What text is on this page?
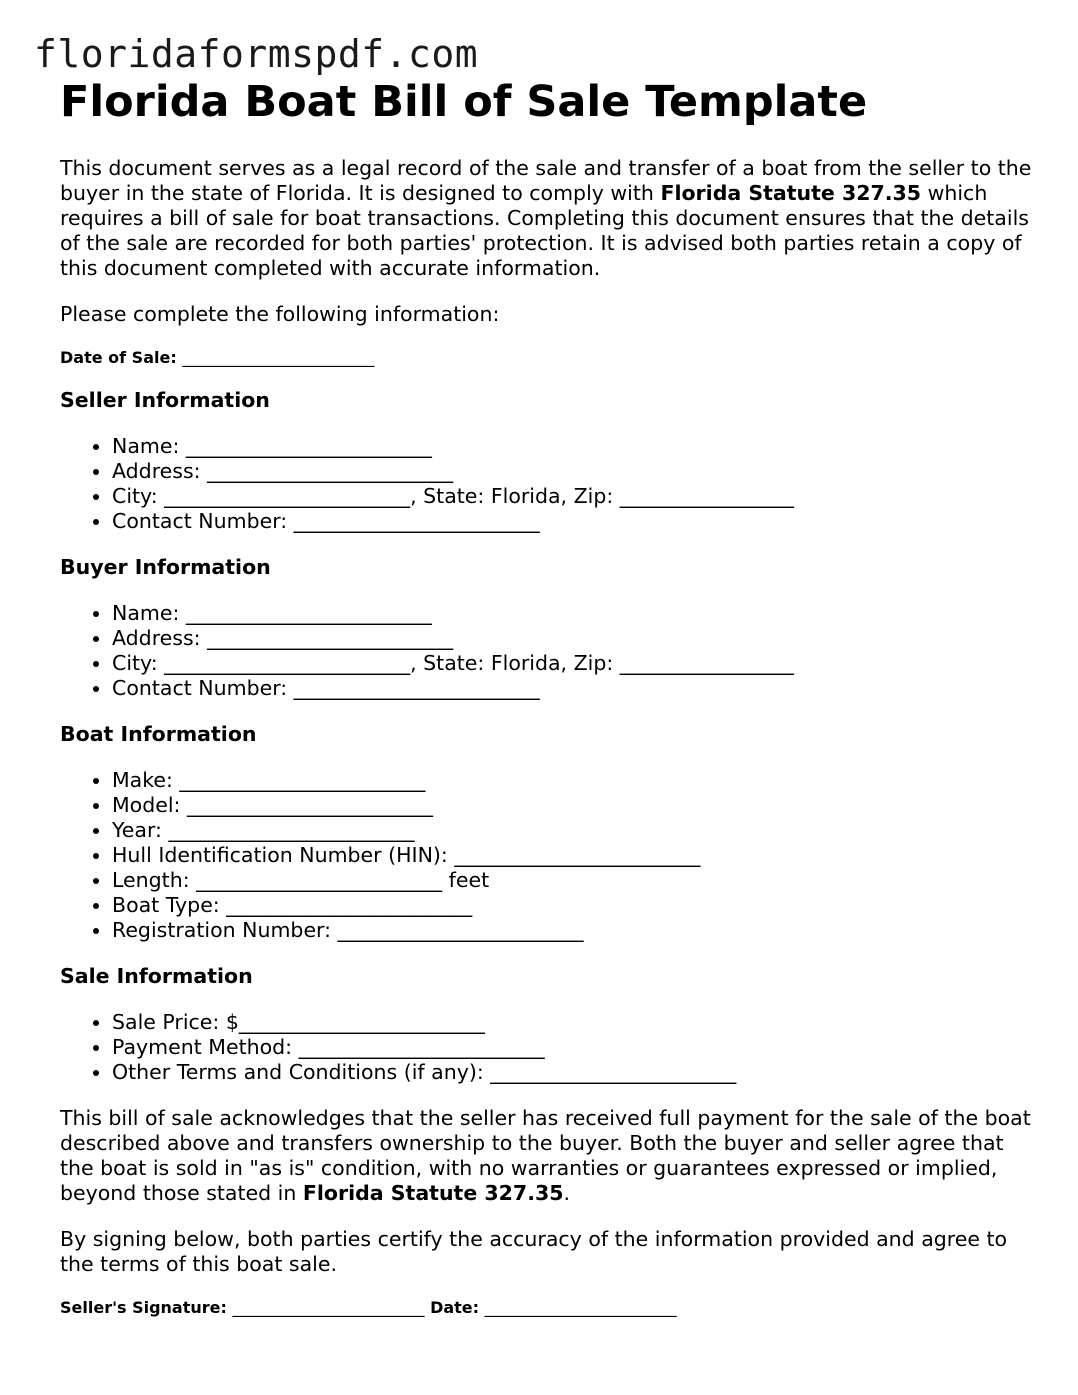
floridaformspdf.com
Florida Boat Bill of Sale Template

This document serves as a legal record of the sale and transfer of a boat from the seller to the buyer in the state of Florida. It is designed to comply with Florida Statute 327.35 which requires a bill of sale for boat transactions. Completing this document ensures that the details of the sale are recorded for both parties' protection. It is advised both parties retain a copy of this document completed with accurate information.

Please complete the following information:

Date of Sale: ________________________
Seller Information
• Name: ________________________
• Address: ________________________
• City: ________________________, State: Florida, Zip: _________________
• Contact Number: ________________________
Buyer Information
• Name: ________________________
• Address: ________________________
• City: ________________________, State: Florida, Zip: _________________
• Contact Number: ________________________
Boat Information
• Make: ________________________
• Model: ________________________
• Year: ________________________
• Hull Identification Number (HIN): ________________________
• Length: ________________________ feet
• Boat Type: ________________________
• Registration Number: ________________________
Sale Information
• Sale Price: $________________________
• Payment Method: ________________________
• Other Terms and Conditions (if any): ________________________

This bill of sale acknowledges that the seller has received full payment for the sale of the boat described above and transfers ownership to the buyer. Both the buyer and seller agree that the boat is sold in "as is" condition, with no warranties or guarantees expressed or implied, beyond those stated in Florida Statute 327.35.

By signing below, both parties certify the accuracy of the information provided and agree to the terms of this boat sale.

Seller's Signature: ________________________ Date: ________________________
